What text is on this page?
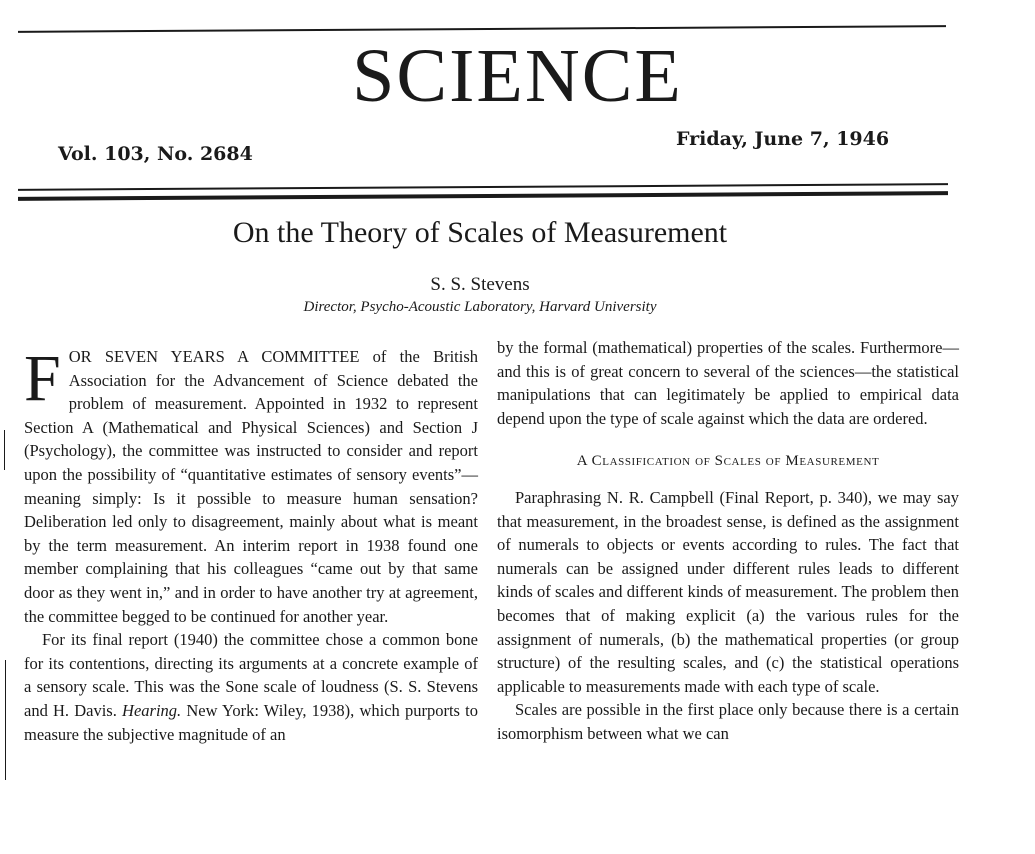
SCIENCE
Vol. 103, No. 2684
Friday, June 7, 1946
On the Theory of Scales of Measurement
S. S. Stevens
Director, Psycho-Acoustic Laboratory, Harvard University

FOR SEVEN YEARS A COMMITTEE of the British Association for the Advancement of Science debated the problem of measurement. Appointed in 1932 to represent Section A (Mathematical and Physical Sciences) and Section J (Psychology), the committee was instructed to consider and report upon the possibility of “quantitative estimates of sensory events”—meaning simply: Is it possible to measure human sensation? Deliberation led only to disagreement, mainly about what is meant by the term measurement. An interim report in 1938 found one member complaining that his colleagues “came out by that same door as they went in,” and in order to have another try at agreement, the committee begged to be continued for another year.

For its final report (1940) the committee chose a common bone for its contentions, directing its arguments at a concrete example of a sensory scale. This was the Sone scale of loudness (S. S. Stevens and H. Davis. Hearing. New York: Wiley, 1938), which purports to measure the subjective magnitude of an

by the formal (mathematical) properties of the scales. Furthermore—and this is of great concern to several of the sciences—the statistical manipulations that can legitimately be applied to empirical data depend upon the type of scale against which the data are ordered.

A Classification of Scales of Measurement

Paraphrasing N. R. Campbell (Final Report, p. 340), we may say that measurement, in the broadest sense, is defined as the assignment of numerals to objects or events according to rules. The fact that numerals can be assigned under different rules leads to different kinds of scales and different kinds of measurement. The problem then becomes that of making explicit (a) the various rules for the assignment of numerals, (b) the mathematical properties (or group structure) of the resulting scales, and (c) the statistical operations applicable to measurements made with each type of scale.

Scales are possible in the first place only because there is a certain isomorphism between what we can
